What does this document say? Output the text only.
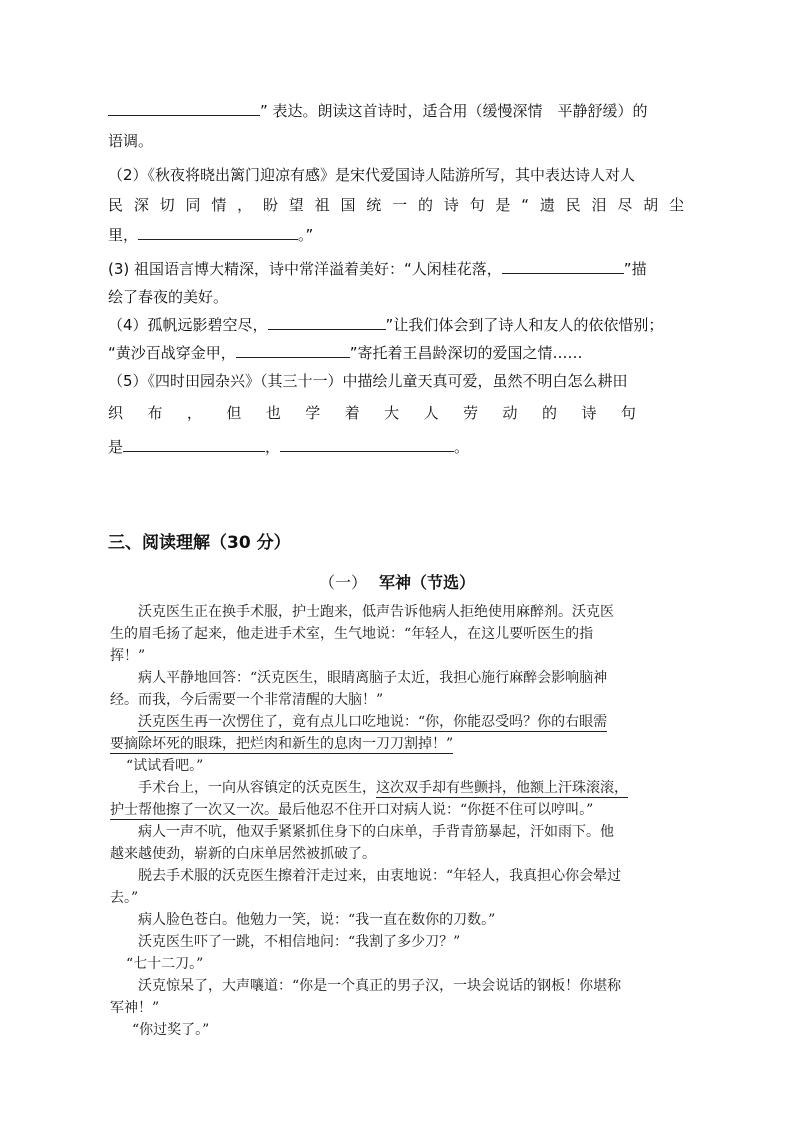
” 表达。朗读这首诗时，适合用（缓慢深情　平静舒缓）的
语调。
（2）《秋夜将晓出篱门迎凉有感》是宋代爱国诗人陆游所写，其中表达诗人对人
民 深 切 同 情 ， 盼 望 祖 国 统 一 的 诗 句 是 “ 遗 民 泪 尽 胡 尘
里，	。”
(3) 祖国语言博大精深，诗中常洋溢着美好：“人闲桂花落，	”描
绘了春夜的美好。
（4）孤帆远影碧空尽，	”让我们体会到了诗人和友人的依依惜别；
“黄沙百战穿金甲，	”寄托着王昌龄深切的爱国之情……
（5）《四时田园杂兴》（其三十一）中描绘儿童天真可爱，虽然不明白怎么耕田
织 布 ， 但 也 学 着 大 人 劳 动 的 诗 句
是	，	。
三、阅读理解（30 分）
（一） 军神（节选）
沃克医生正在换手术服，护士跑来，低声告诉他病人拒绝使用麻醉剂。沃克医
生的眉毛扬了起来，他走进手术室，生气地说：“年轻人，在这儿要听医生的指
挥！”
病人平静地回答：“沃克医生，眼睛离脑子太近，我担心施行麻醉会影响脑神
经。而我，今后需要一个非常清醒的大脑！”
沃克医生再一次愣住了，竟有点儿口吃地说：“你，你能忍受吗？你的右眼需
要摘除坏死的眼珠，把烂肉和新生的息肉一刀刀割掉！”
“试试看吧。”
手术台上，一向从容镇定的沃克医生，这次双手却有些颤抖，他额上汗珠滚滚，
护士帮他擦了一次又一次。最后他忍不住开口对病人说：“你挺不住可以哼叫。”
病人一声不吭，他双手紧紧抓住身下的白床单，手背青筋暴起，汗如雨下。他
越来越使劲，崭新的白床单居然被抓破了。
脱去手术服的沃克医生擦着汗走过来，由衷地说：“年轻人，我真担心你会晕过
去。”
病人脸色苍白。他勉力一笑，说：“我一直在数你的刀数。”
沃克医生吓了一跳，不相信地问：“我割了多少刀？”
“七十二刀。”
沃克惊呆了，大声嚷道：“你是一个真正的男子汉，一块会说话的钢板！你堪称
军神！”
“你过奖了。”
